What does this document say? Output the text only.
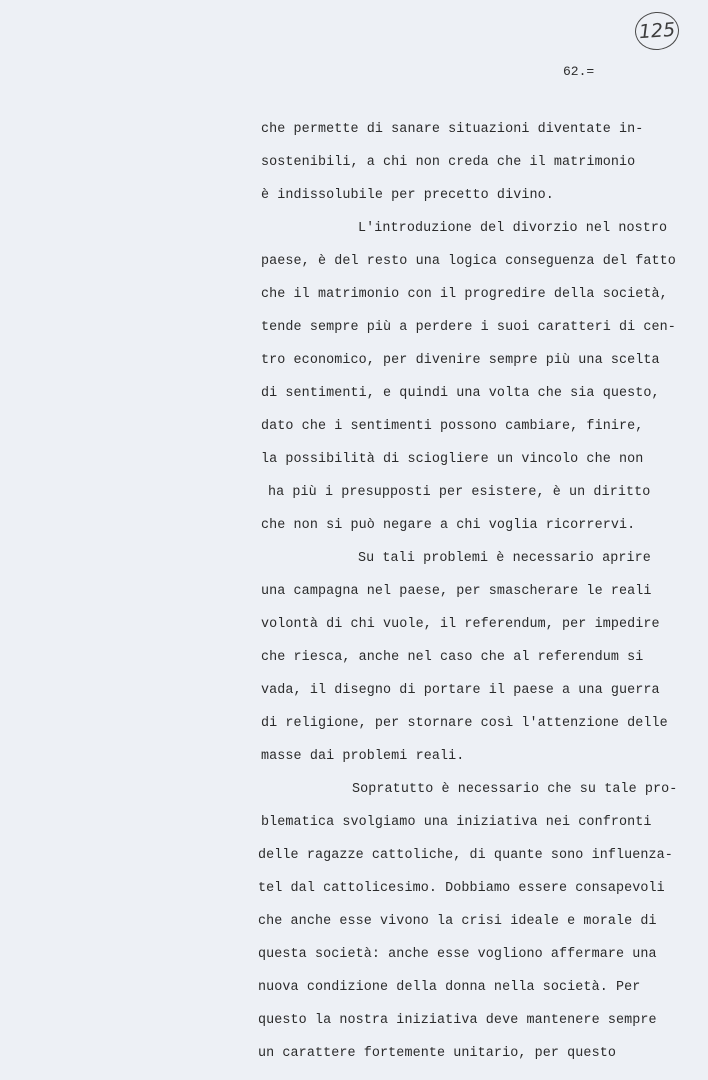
125
62.=
che permette di sanare situazioni diventate in-
sostenibili, a chi non creda che il matrimonio
è indissolubile per precetto divino.
L'introduzione del divorzio nel nostro
paese, è del resto una logica conseguenza del fatto
che il matrimonio con il progredire della società,
tende sempre più a perdere i suoi caratteri di cen-
tro economico, per divenire sempre più una scelta
di sentimenti, e quindi una volta che sia questo,
dato che i sentimenti possono cambiare, finire,
la possibilità di sciogliere un vincolo che non
ha più i presupposti per esistere, è un diritto
che non si può negare a chi voglia ricorrervi.
Su tali problemi è necessario aprire
una campagna nel paese, per smascherare le reali
volontà di chi vuole, il referendum, per impedire
che riesca, anche nel caso che al referendum si
vada, il disegno di portare il paese a una guerra
di religione, per stornare così l'attenzione delle
masse dai problemi reali.
Sopratutto è necessario che su tale pro-
blematica svolgiamo una iniziativa nei confronti
delle ragazze cattoliche, di quante sono influenza-
tel dal cattolicesimo. Dobbiamo essere consapevoli
che anche esse vivono la crisi ideale e morale di
questa società: anche esse vogliono affermare una
nuova condizione della donna nella società. Per
questo la nostra iniziativa deve mantenere sempre
un carattere fortemente unitario, per questo
